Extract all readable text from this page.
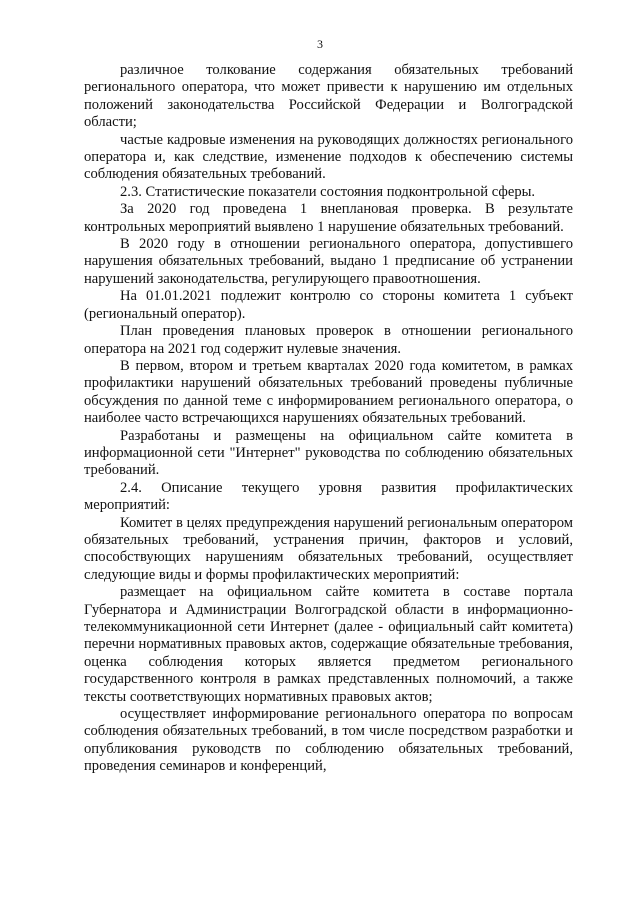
3

различное толкование содержания обязательных требований регионального оператора, что может привести к нарушению им отдельных положений законодательства Российской Федерации и Волгоградской области;

частые кадровые изменения на руководящих должностях регионального оператора и, как следствие, изменение подходов к обеспечению системы соблюдения обязательных требований.

2.3. Статистические показатели состояния подконтрольной сферы.

За 2020 год проведена 1 внеплановая проверка. В результате контрольных мероприятий выявлено 1 нарушение обязательных требований.

В 2020 году в отношении регионального оператора, допустившего нарушения обязательных требований, выдано 1 предписание об устранении нарушений законодательства, регулирующего правоотношения.

На 01.01.2021 подлежит контролю со стороны комитета 1 субъект (региональный оператор).

План проведения плановых проверок в отношении регионального оператора на 2021 год содержит нулевые значения.

В первом, втором и третьем кварталах 2020 года комитетом, в рамках профилактики нарушений обязательных требований проведены публичные обсуждения по данной теме с информированием регионального оператора, о наиболее часто встречающихся нарушениях обязательных требований.

Разработаны и размещены на официальном сайте комитета в информационной сети "Интернет" руководства по соблюдению обязательных требований.

2.4. Описание текущего уровня развития профилактических мероприятий:

Комитет в целях предупреждения нарушений региональным оператором обязательных требований, устранения причин, факторов и условий, способствующих нарушениям обязательных требований, осуществляет следующие виды и формы профилактических мероприятий:

размещает на официальном сайте комитета в составе портала Губернатора и Администрации Волгоградской области в информационно-телекоммуникационной сети Интернет (далее - официальный сайт комитета) перечни нормативных правовых актов, содержащие обязательные требования, оценка соблюдения которых является предметом регионального государственного контроля в рамках представленных полномочий, а также тексты соответствующих нормативных правовых актов;

осуществляет информирование регионального оператора по вопросам соблюдения обязательных требований, в том числе посредством разработки и опубликования руководств по соблюдению обязательных требований, проведения семинаров и конференций,
